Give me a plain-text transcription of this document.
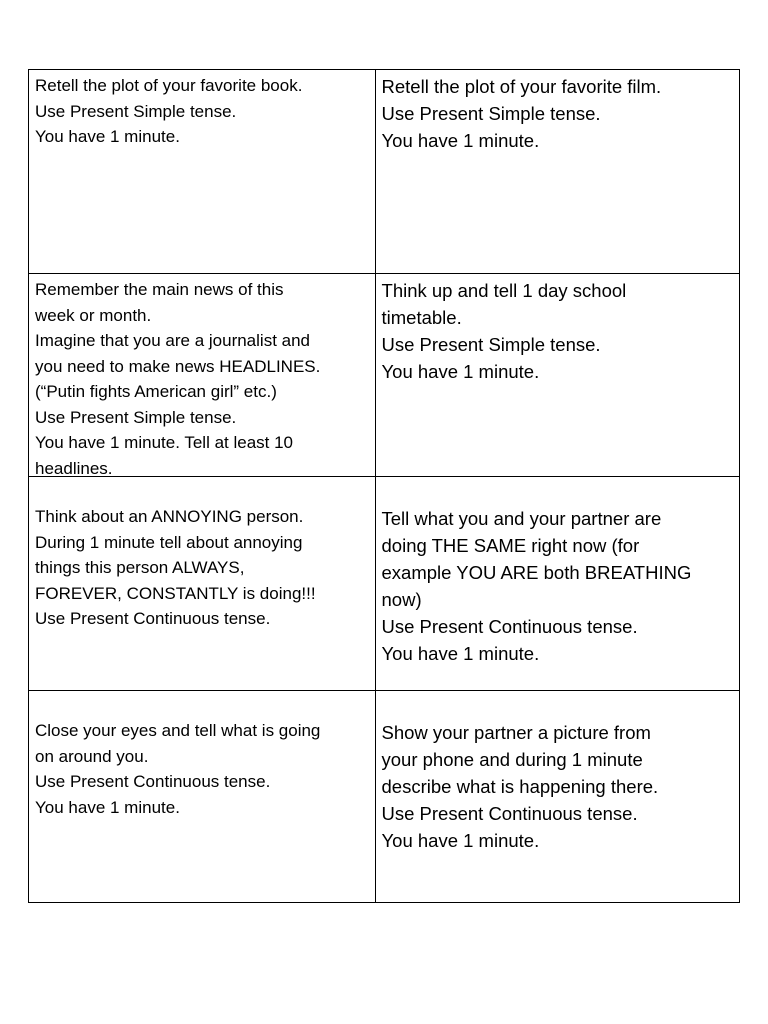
Retell the plot of your favorite book.
Use Present Simple tense.
You have 1 minute.
Retell the plot of your favorite film.
Use Present Simple tense.
You have 1 minute.
Remember the main news of this
week or month.
Imagine that you are a journalist and
you need to make news HEADLINES.
(“Putin fights American girl” etc.)
Use Present Simple tense.
You have 1 minute. Tell at least 10
headlines.
Think up and tell 1 day school
timetable.
Use Present Simple tense.
You have 1 minute.
Think about an ANNOYING person.
During 1 minute tell about annoying
things this person ALWAYS,
FOREVER, CONSTANTLY is doing!!!
Use Present Continuous tense.
Tell what you and your partner are
doing THE SAME right now (for
example YOU ARE both BREATHING
now)
Use Present Continuous tense.
You have 1 minute.
Close your eyes and tell what is going
on around you.
Use Present Continuous tense.
You have 1 minute.
Show your partner a picture from
your phone and during 1 minute
describe what is happening there.
Use Present Continuous tense.
You have 1 minute.
